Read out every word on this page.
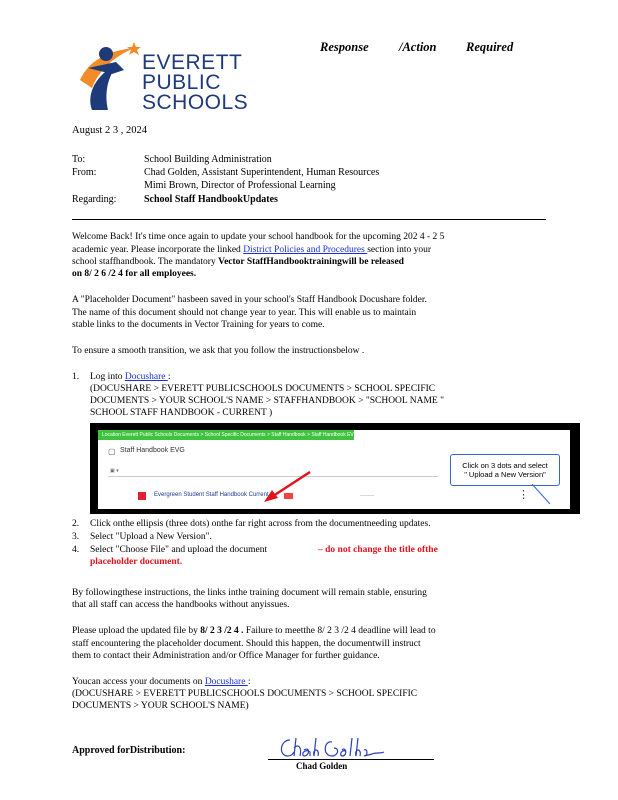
EVERETT
PUBLIC
SCHOOLS
Response /Action Required
August 2 3 , 2024
To:	School Building Administration
From:	Chad Golden, Assistant Superintendent, Human Resources
Mimi Brown, Director of Professional Learning
Regarding:	School Staff HandbookUpdates
Welcome Back! It's time once again to update your school handbook for the upcoming 202 4 - 2 5
academic year. Please incorporate the linked District Policies and Procedures section into your
school staffhandbook. The mandatory Vector StaffHandbooktrainingwill be released
on 8/ 2 6 /2 4 for all employees.
A "Placeholder Document" hasbeen saved in your school's Staff Handbook Docushare folder.
The name of this document should not change year to year. This will enable us to maintain
stable links to the documents in Vector Training for years to come.
To ensure a smooth transition, we ask that you follow the instructionsbelow .
1. Log into Docushare :
(DOCUSHARE > EVERETT PUBLICSCHOOLS DOCUMENTS > SCHOOL SPECIFIC
DOCUMENTS > YOUR SCHOOL'S NAME > STAFFHANDBOOK > "SCHOOL NAME "
SCHOOL STAFF HANDBOOK - CURRENT )
Location Everett Public Schools Documents > School Specific Documents > Staff Handbook > Staff Handbook EVG
▢ Staff Handbook EVG
▣ ▾
Evergreen Student Staff Handbook Current	────	⋮
Click on 3 dots and select
" Upload a New Version"
2. Click onthe ellipsis (three dots) onthe far right across from the documentneeding updates.
3. Select "Upload a New Version".
4. Select "Choose File" and upload the document	– do not change the title ofthe
placeholder document.
By followingthese instructions, the links inthe training document will remain stable, ensuring
that all staff can access the handbooks without anyissues.
Please upload the updated file by 8/ 2 3 /2 4 . Failure to meetthe 8/ 2 3 /2 4 deadline will lead to
staff encountering the placeholder document. Should this happen, the documentwill instruct
them to contact their Administration and/or Office Manager for further guidance.
Youcan access your documents on Docushare :
(DOCUSHARE > EVERETT PUBLICSCHOOLS DOCUMENTS > SCHOOL SPECIFIC
DOCUMENTS > YOUR SCHOOL'S NAME)
Approved forDistribution:
Chad Golden
